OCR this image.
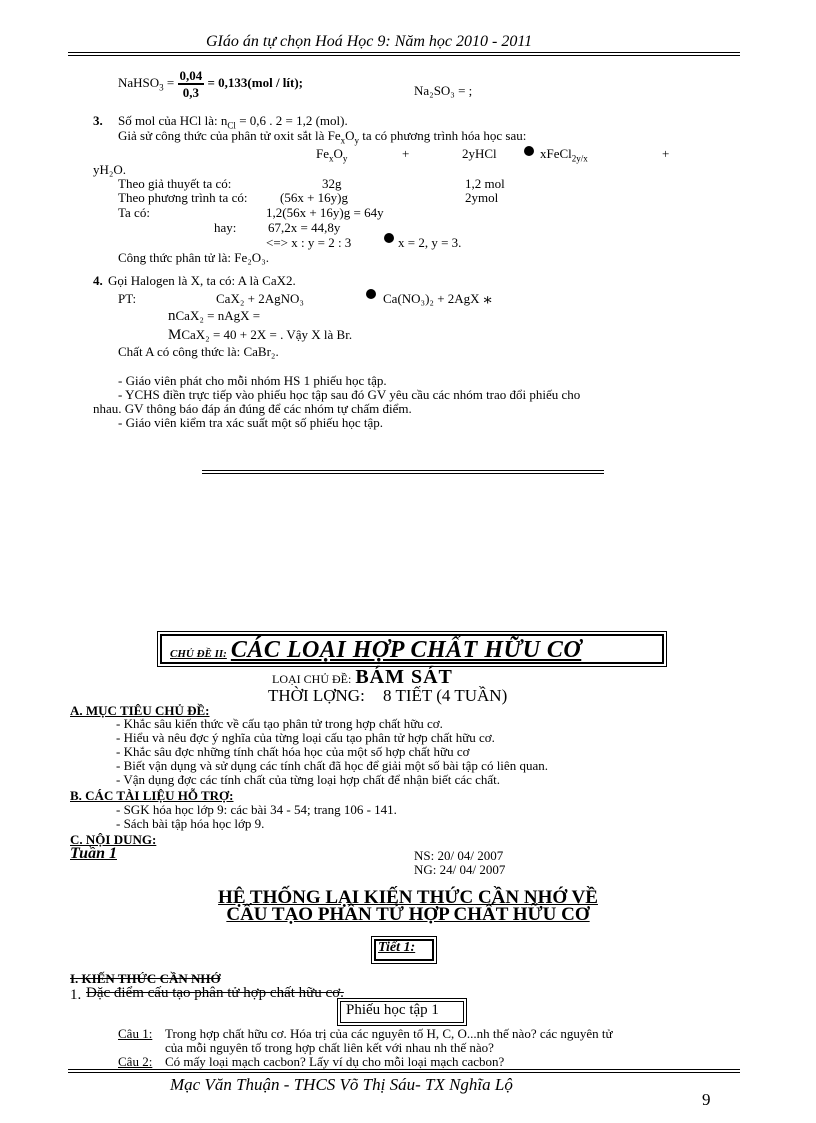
GIáo án tự chọn Hoá Học 9: Năm học 2010 - 2011
NaHSO$_3$ = $\frac{0,04}{0,3} = 0,133(mol$ / lít);
Na₂SO₃ = ;
3. Số mol của HCl là: $n_{Cl} = 0,6$ . 2 = 1,2 (mol).
Giả sử công thức của phân tử oxit sắt là $Fe_xO_y$ ta có phương trình hóa học sau:
$Fe_xO_y$	+	2yHCl	xFeCl$_{2y/x}$	+
yH₂O.
Theo giả thuyết ta có:	32g	1,2 mol
Theo phương trình ta có:	(56x + 16y)g	2ymol
Ta có:	1,2(56x + 16y)g = 64y
hay: 67,2x = 44,8y
<=> x : y = 2 : 3	x = 2, y = 3.
Công thức phân tử là: Fe₂O₃.
4. Gọi Halogen là X, ta có: A là CaX2.
PT:	CaX₂ + 2AgNO₃	Ca(NO₃)₂ + 2AgX ⁎
nCaX₂ = nAgX =
MCaX₂ = 40 + 2X = . Vậy X là Br.
Chất A có công thức là: CaBr₂.
- Giáo viên phát cho mỗi nhóm HS 1 phiếu học tập.
- YCHS điền trực tiếp vào phiếu học tập sau đó GV yêu cầu các nhóm trao đổi phiếu cho
nhau. GV thông báo đáp án đúng để các nhóm tự chấm điểm.
- Giáo viên kiểm tra xác suất một số phiếu học tập.
CHỦ ĐỀ II: CÁC LOẠI HỢP CHẤT HỮU CƠ
LOẠI CHỦ ĐỀ: BÁM SÁT
THỜI LỢNG: 8 TIẾT (4 TUẦN)
A. MỤC TIÊU CHỦ ĐỀ:
- Khắc sâu kiến thức về cấu tạo phân tử trong hợp chất hữu cơ.
- Hiểu và nêu đợc ý nghĩa của từng loại cấu tạo phân tử hợp chất hữu cơ.
- Khắc sâu đợc những tính chất hóa học của một số hợp chất hữu cơ
- Biết vận dụng và sử dụng các tính chất đã học để giải một số bài tập có liên quan.
- Vận dụng đợc các tính chất của từng loại hợp chất để nhận biết các chất.
B. CÁC TÀI LIỆU HỖ TRỢ:
- SGK hóa học lớp 9: các bài 34 - 54; trang 106 - 141.
- Sách bài tập hóa học lớp 9.
C. NỘI DUNG:
Tuần 1	NS: 20/ 04/ 2007
NG: 24/ 04/ 2007
HỆ THỐNG LẠI KIẾN THỨC CẦN NHỚ VỀ
CẤU TẠO PHÂN TỬ HỢP CHẤT HỮU CƠ
Tiết 1:
I. KIẾN THỨC CẦN NHỚ
1. Đặc điểm cấu tạo phân tử hợp chất hữu cơ.
Phiếu học tập 1
Câu 1: Trong hợp chất hữu cơ. Hóa trị của các nguyên tố H, C, O...nh thế nào? các nguyên tử
của mỗi nguyên tố trong hợp chất liên kết với nhau nh thế nào?
Câu 2: Có mấy loại mạch cacbon? Lấy ví dụ cho mỗi loại mạch cacbon?
Mạc Văn Thuận - THCS Võ Thị Sáu- TX Nghĩa Lộ
9
